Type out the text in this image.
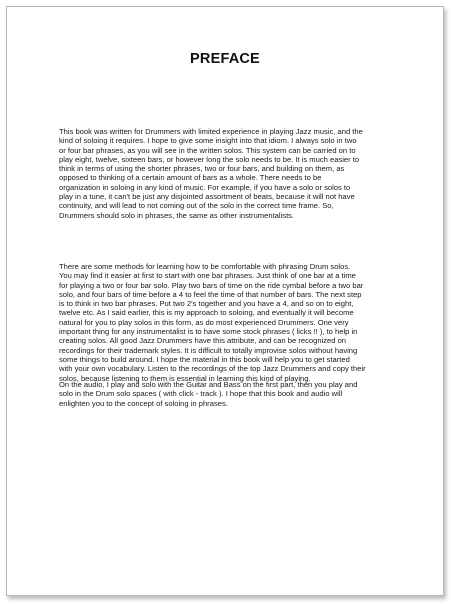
PREFACE

This book was written for Drummers with limited experience in playing Jazz music, and the
kind of soloing it requires. I hope to give some insight into that idiom. I always solo in two
or four bar phrases, as you will see in the written solos. This system can be carried on to
play eight, twelve, sixteen bars, or however long the solo needs to be. It is much easier to
think in terms of using the shorter phrases, two or four bars, and building on them, as
opposed to thinking of a certain amount of bars as a whole. There needs to be
organization in soloing in any kind of music. For example, if you have a solo or solos to
play in a tune, it can't be just any disjointed assortment of beats, because it will not have
continuity, and will lead to not coming out of the solo in the correct time frame. So,
Drummers should solo in phrases, the same as other instrumentalists.

There are some methods for learning how to be comfortable with phrasing Drum solos.
You may find it easier at first to start with one bar phrases. Just think of one bar at a time
for playing a two or four bar solo. Play two bars of time on the ride cymbal before a two bar
solo, and four bars of time before a 4 to feel the time of that number of bars. The next step
is to think in two bar phrases. Put two 2's together and you have a 4, and so on to eight,
twelve etc. As I said earlier, this is my approach to soloing, and eventually it will become
natural for you to play solos in this form, as do most experienced Drummers. One very
important thing for any instrumentalist is to have some stock phrases ( licks !! ), to help in
creating solos. All good Jazz Drummers have this attribute, and can be recognized on
recordings for their trademark styles. It is difficult to totally improvise solos without having
some things to build around. I hope the material in this book will help you to get started
with your own vocabulary. Listen to the recordings of the top Jazz Drummers and copy their
solos, because listening to them is essential in learning this kind of playing.

On the audio, I play and solo with the Guitar and Bass on the first part, then you play and
solo in the Drum solo spaces ( with click - track ). I hope that this book and audio will
enlighten you to the concept of soloing in phrases.
